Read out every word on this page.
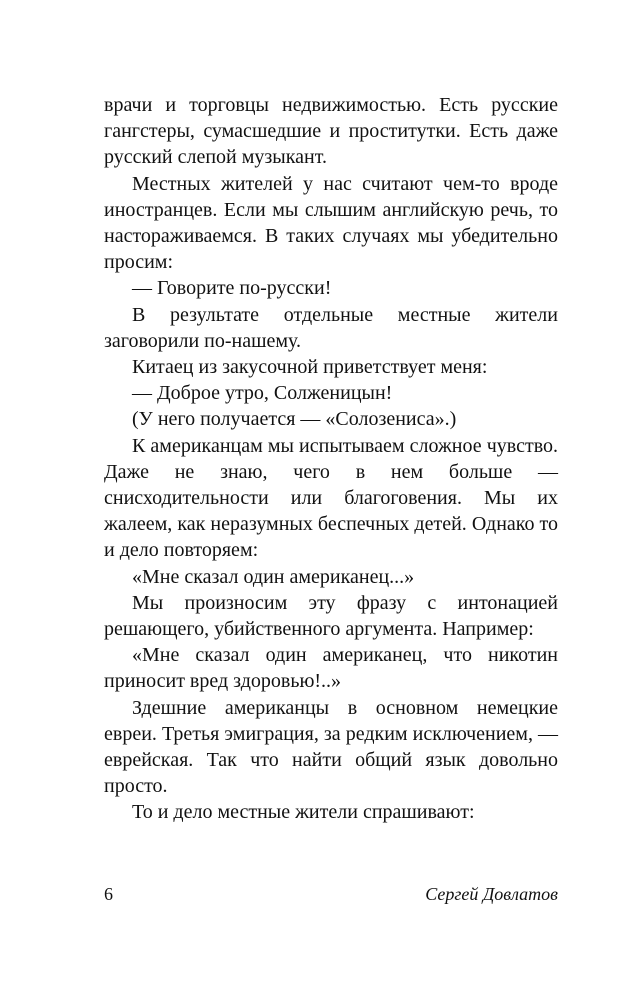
врачи и торговцы недвижимостью. Есть русские гангстеры, сумасшедшие и проститутки. Есть даже русский слепой музыкант.

Местных жителей у нас считают чем-то вроде иностранцев. Если мы слышим английскую речь, то настораживаемся. В таких случаях мы убедительно просим:

— Говорите по-русски!

В результате отдельные местные жители заговорили по-нашему.

Китаец из закусочной приветствует меня:

— Доброе утро, Солженицын!

(У него получается — «Солозениса».)

К американцам мы испытываем сложное чувство. Даже не знаю, чего в нем больше — снисходительности или благоговения. Мы их жалеем, как неразумных беспечных детей. Однако то и дело повторяем:

«Мне сказал один американец...»

Мы произносим эту фразу с интонацией решающего, убийственного аргумента. Например:

«Мне сказал один американец, что никотин приносит вред здоровью!..»

Здешние американцы в основном немецкие евреи. Третья эмиграция, за редким исключением, — еврейская. Так что найти общий язык довольно просто.

То и дело местные жители спрашивают:

6	Сергей Довлатов
